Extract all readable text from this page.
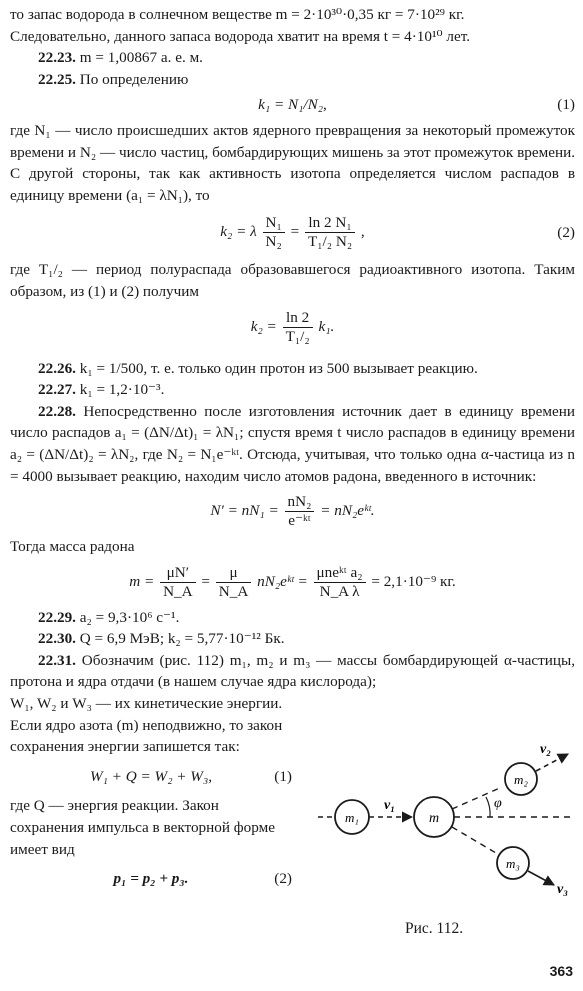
то запас водорода в солнечном веществе m = 2·10³⁰·0,35 кг = 7·10²⁹ кг.

Следовательно, данного запаса водорода хватит на время t = 4·10¹⁰ лет.

22.23. m = 1,00867 а. е. м.

22.25. По определению

k₁ = N₁/N₂,	(1)

где N₁ — число происшедших актов ядерного превращения за некоторый промежуток времени и N₂ — число частиц, бомбардирующих мишень за этот промежуток времени. С другой стороны, так как активность изотопа определяется числом распадов в единицу времени (a₁ = λN₁), то

k₂ = λ $\frac{\text{N₁}}{\text{N₂}} = \frac{\text{ln 2 N₁}}{\text{T₁/₂ N₂}}$ ,	(2)

где T₁/₂ — период полураспада образовавшегося радиоактивного изотопа. Таким образом, из (1) и (2) получим

$k_2 = \frac{\ln 2}{\text{T₁/₂}} k_1$.

22.26. k₁ = 1/500, т. е. только один протон из 500 вызывает реакцию.

22.27. k₁ = 1,2·10⁻³.

22.28. Непосредственно после изготовления источник дает в единицу времени число распадов a₁ = (ΔN/Δt)₁ = λN₁; спустя время t число распадов в единицу времени a₂ = (ΔN/Δt)₂ = λN₂, где N₂ = N₁e⁻ᵏᵗ. Отсюда, учитывая, что только одна α-частица из n = 4000 вызывает реакцию, находим число атомов радона, введенного в источник:

$N' = nN_1 = \frac{\text{nN₂}}{\text{e⁻ᵏᵗ}}$ = nN₂eᵏᵗ.

Тогда масса радона

$m = \frac{\mu N'}{N\_A} = \frac{\mu}{N\_A}$ nN₂eᵏᵗ = $\frac{\text{μneᵏᵗ a₂}}{\text{N\_A λ}} = 2,1\cdot 10^{-9}$ кг.

22.29. a₂ = 9,3·10⁶ с⁻¹.

22.30. Q = 6,9 МэВ; k₂ = 5,77·10⁻¹² Бк.

22.31. Обозначим (рис. 112) m₁, m₂ и m₃ — массы бомбардирующей α-частицы, протона и ядра отдачи (в нашем случае ядра кислорода);

W₁, W₂ и W₃ — их кинетические энергии. Если ядро азота (m) неподвижно, то закон сохранения энергии запишется так:

W₁ + Q = W₂ + W₃,	(1)

где Q — энергия реакции. Закон сохранения импульса в векторной форме имеет вид

p₁ = p₂ + p₃.	(2)
m₁
v₁
m
m₂
v₂
φ
m₃
v₃
Рис. 112.
363
